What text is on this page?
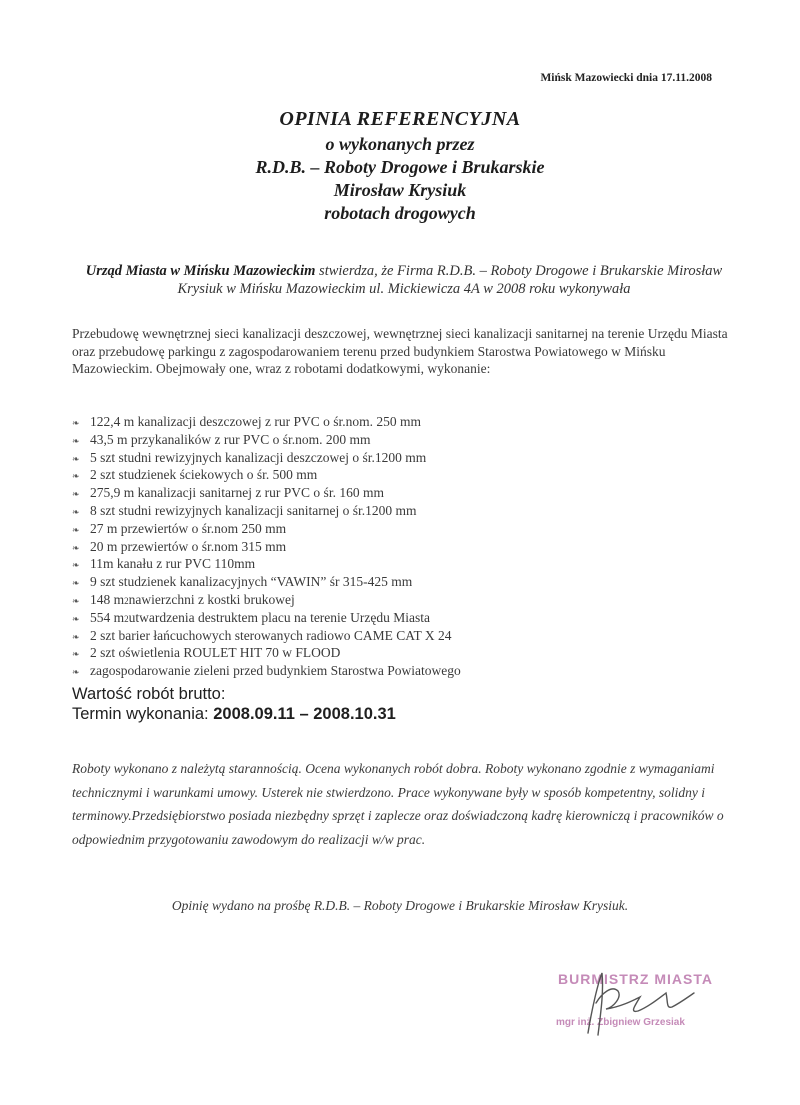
Mińsk Mazowiecki dnia 17.11.2008
OPINIA REFERENCYJNA
o wykonanych przez
R.D.B. – Roboty Drogowe i Brukarskie
Mirosław Krysiuk
robotach drogowych
Urząd Miasta w Mińsku Mazowieckim stwierdza, że Firma R.D.B. – Roboty Drogowe i Brukarskie Mirosław Krysiuk w Mińsku Mazowieckim ul. Mickiewicza 4A w 2008 roku wykonywała
Przebudowę wewnętrznej sieci kanalizacji deszczowej, wewnętrznej sieci kanalizacji sanitarnej na terenie Urzędu Miasta oraz przebudowę parkingu z zagospodarowaniem terenu przed budynkiem Starostwa Powiatowego w Mińsku Mazowieckim. Obejmowały one, wraz z robotami dodatkowymi, wykonanie:
❧ 122,4 m kanalizacji deszczowej z rur PVC o śr.nom. 250 mm
❧ 43,5 m przykanalików z rur PVC o śr.nom. 200 mm
❧ 5 szt studni rewizyjnych kanalizacji deszczowej o śr.1200 mm
❧ 2 szt studzienek ściekowych o śr. 500 mm
❧ 275,9 m kanalizacji sanitarnej z rur PVC o śr. 160 mm
❧ 8 szt studni rewizyjnych kanalizacji sanitarnej o śr.1200 mm
❧ 27 m przewiertów o śr.nom 250 mm
❧ 20 m przewiertów o śr.nom 315 mm
❧ 11m kanału z rur PVC 110mm
❧ 9 szt studzienek kanalizacyjnych “VAWIN” śr 315-425 mm
❧ 148 m 2 nawierzchni z kostki brukowej
❧ 554 m 2 utwardzenia destruktem placu na terenie Urzędu Miasta
❧ 2 szt barier łańcuchowych sterowanych radiowo CAME CAT X 24
❧ 2 szt oświetlenia ROULET HIT 70 w FLOOD
❧ zagospodarowanie zieleni przed budynkiem Starostwa Powiatowego
Wartość robót brutto:
Termin wykonania: 2008.09.11 – 2008.10.31
Roboty wykonano z należytą starannością. Ocena wykonanych robót dobra. Roboty wykonano zgodnie z wymaganiami technicznymi i warunkami umowy. Usterek nie stwierdzono. Prace wykonywane były w sposób kompetentny, solidny i terminowy.Przedsiębiorstwo posiada niezbędny sprzęt i zaplecze oraz doświadczoną kadrę kierowniczą i pracowników o odpowiednim przygotowaniu zawodowym do realizacji w/w prac.
Opinię wydano na prośbę R.D.B. – Roboty Drogowe i Brukarskie Mirosław Krysiuk.
BURMISTRZ MIASTA
mgr inż. Zbigniew Grzesiak
